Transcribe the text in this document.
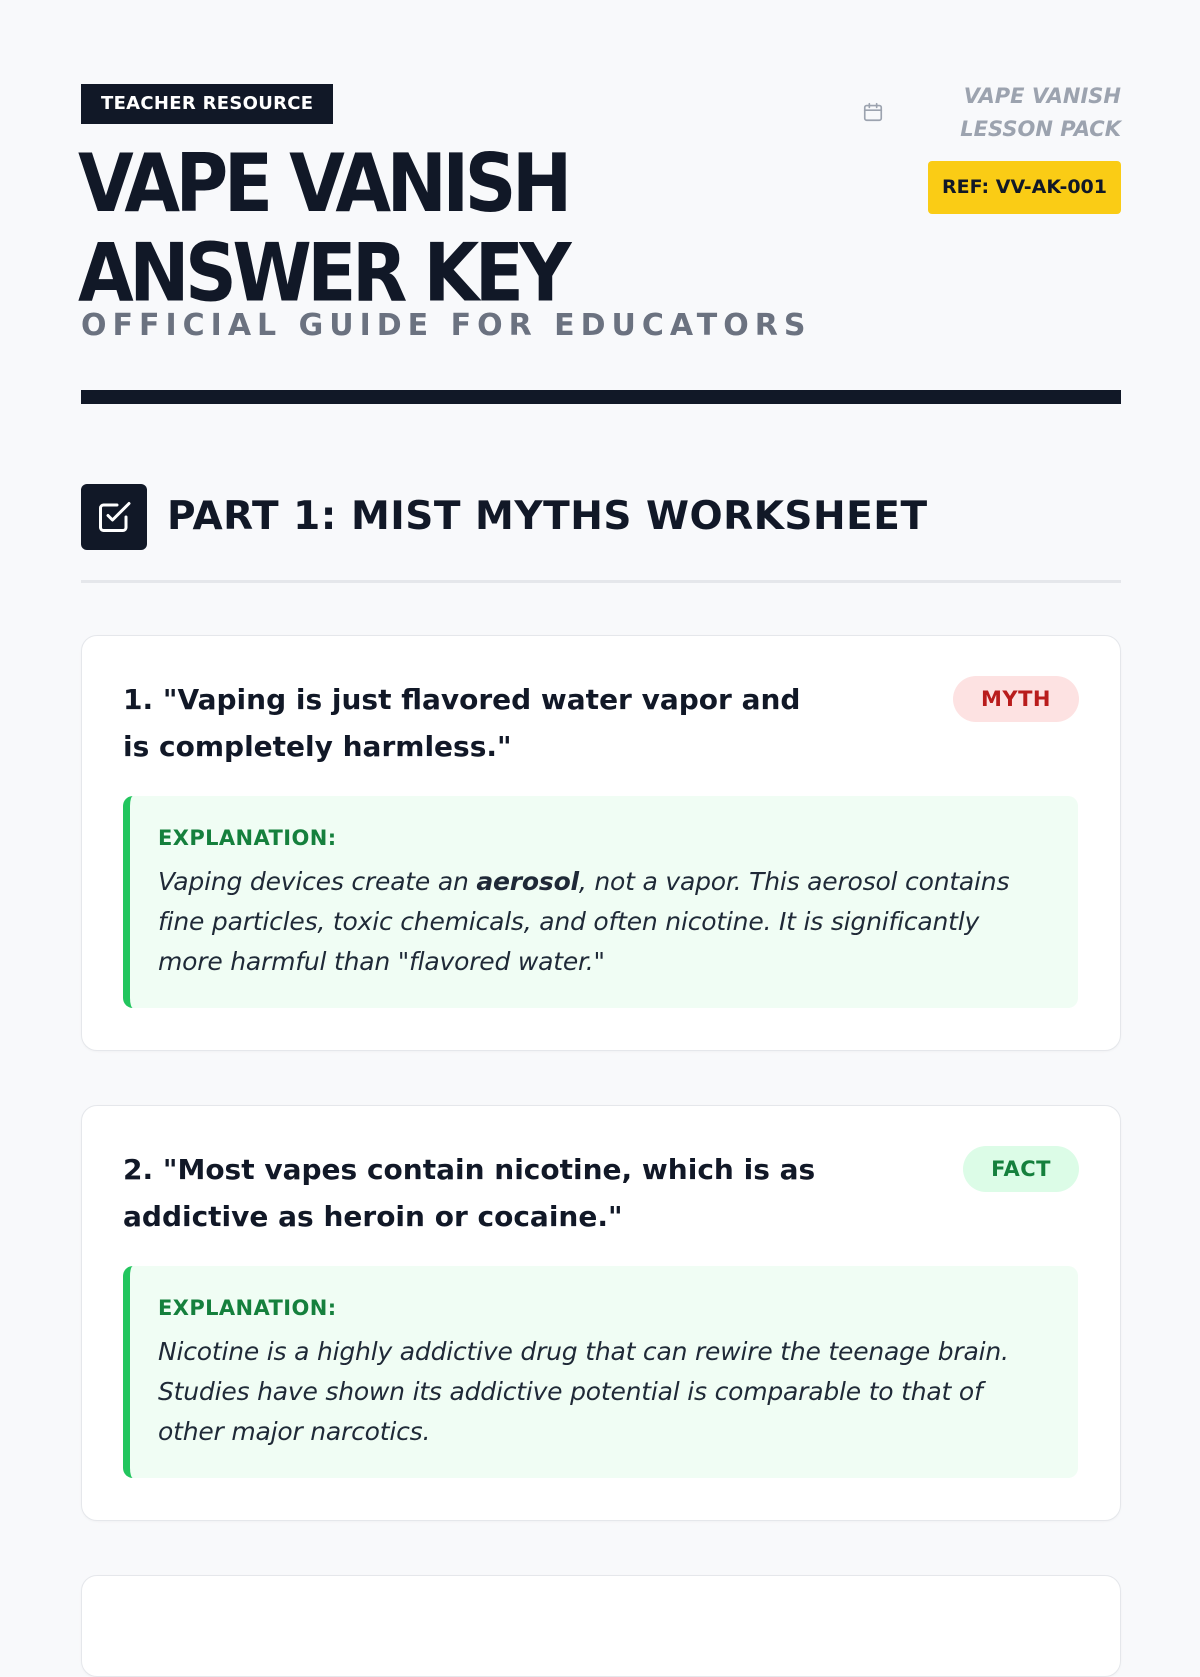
TEACHER RESOURCE
VAPE VANISH
ANSWER KEY
OFFICIAL GUIDE FOR EDUCATORS
VAPE VANISH
LESSON PACK
REF: VV-AK-001
PART 1: MIST MYTHS WORKSHEET
1. "Vaping is just flavored water vapor and is completely harmless."
MYTH
EXPLANATION:
Vaping devices create an aerosol, not a vapor. This aerosol contains fine particles, toxic chemicals, and often nicotine. It is significantly more harmful than "flavored water."
2. "Most vapes contain nicotine, which is as addictive as heroin or cocaine."
FACT
EXPLANATION:
Nicotine is a highly addictive drug that can rewire the teenage brain. Studies have shown its addictive potential is comparable to that of other major narcotics.
